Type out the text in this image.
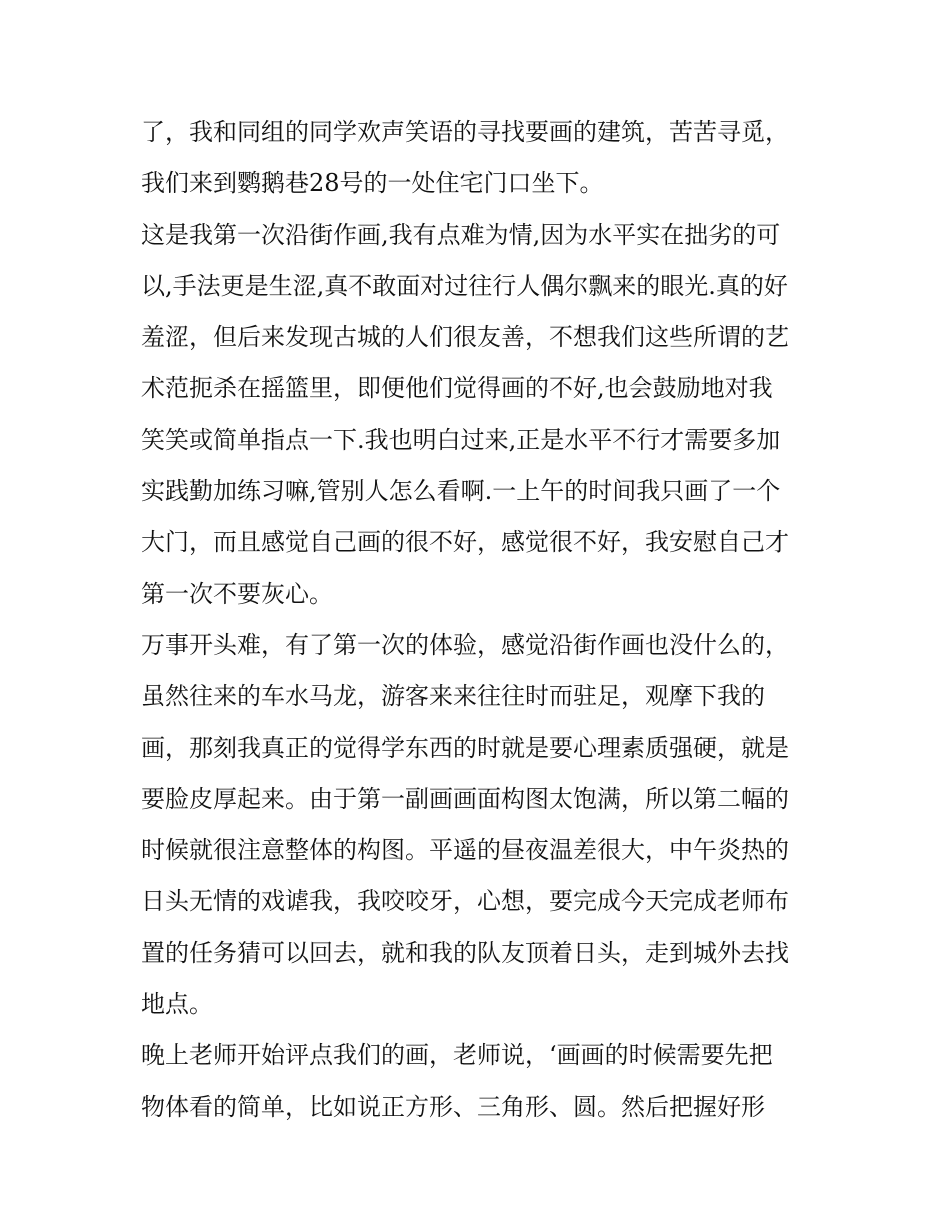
了，我和同组的同学欢声笑语的寻找要画的建筑，苦苦寻觅，
我们来到鹦鹅巷28号的一处住宅门口坐下。
这是我第一次沿街作画,我有点难为情,因为水平实在拙劣的可
以,手法更是生涩,真不敢面对过往行人偶尔飘来的眼光.真的好
羞涩，但后来发现古城的人们很友善，不想我们这些所谓的艺
术范扼杀在摇篮里，即便他们觉得画的不好,也会鼓励地对我
笑笑或简单指点一下.我也明白过来,正是水平不行才需要多加
实践勤加练习嘛,管别人怎么看啊.一上午的时间我只画了一个
大门，而且感觉自己画的很不好，感觉很不好，我安慰自己才
第一次不要灰心。
万事开头难，有了第一次的体验，感觉沿街作画也没什么的，
虽然往来的车水马龙，游客来来往往时而驻足，观摩下我的
画，那刻我真正的觉得学东西的时就是要心理素质强硬，就是
要脸皮厚起来。由于第一副画画面构图太饱满，所以第二幅的
时候就很注意整体的构图。平遥的昼夜温差很大，中午炎热的
日头无情的戏谑我，我咬咬牙，心想，要完成今天完成老师布
置的任务猜可以回去，就和我的队友顶着日头，走到城外去找
地点。
晚上老师开始评点我们的画，老师说，‘画画的时候需要先把
物体看的简单，比如说正方形、三角形、圆。然后把握好形
